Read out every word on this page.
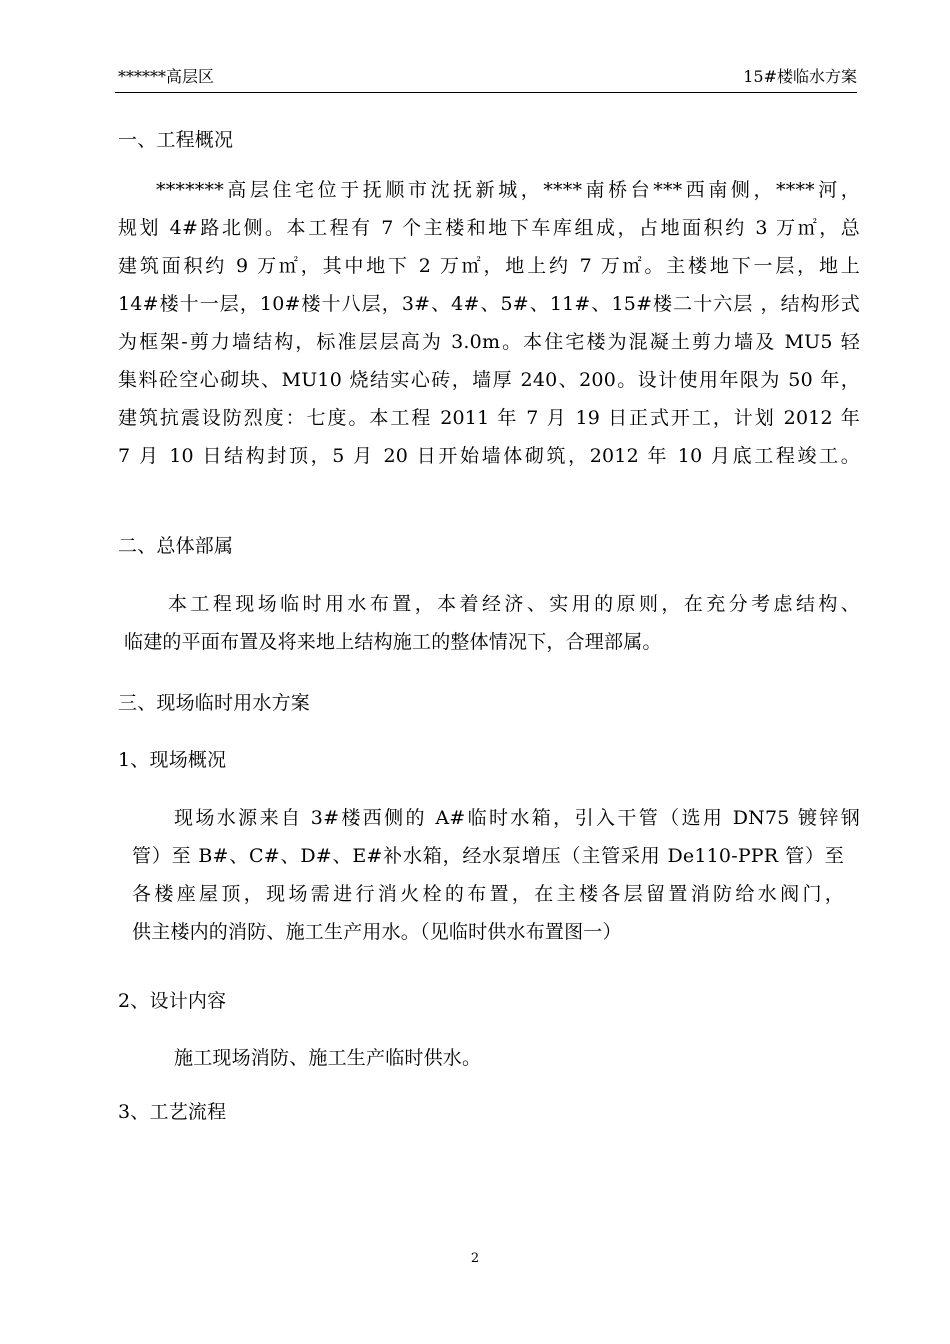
******高层区	15#楼临水方案
一、工程概况
*******高层住宅位于抚顺市沈抚新城，****南桥台***西南侧，****河，
规划 4#路北侧。本工程有 7 个主楼和地下车库组成，占地面积约 3 万㎡，总
建筑面积约 9 万㎡，其中地下 2 万㎡，地上约 7 万㎡。主楼地下一层，地上
14#楼十一层，10#楼十八层，3#、4#、5#、11#、15#楼二十六层 ，结构形式
为框架-剪力墙结构，标准层层高为 3.0m。本住宅楼为混凝土剪力墙及 MU5 轻
集料砼空心砌块、MU10 烧结实心砖，墙厚 240、200。设计使用年限为 50 年，
建筑抗震设防烈度：七度。本工程 2011 年 7 月 19 日正式开工，计划 2012 年
7 月 10 日结构封顶，5 月 20 日开始墙体砌筑，2012 年 10 月底工程竣工。
二、总体部属
本工程现场临时用水布置，本着经济、实用的原则，在充分考虑结构、
临建的平面布置及将来地上结构施工的整体情况下，合理部属。
三、现场临时用水方案
1、现场概况
现场水源来自 3#楼西侧的 A#临时水箱，引入干管（选用 DN75 镀锌钢
管）至 B#、C#、D#、E#补水箱，经水泵增压（主管采用 De110-PPR 管）至
各楼座屋顶，现场需进行消火栓的布置，在主楼各层留置消防给水阀门，
供主楼内的消防、施工生产用水。（见临时供水布置图一）
2、设计内容
施工现场消防、施工生产临时供水。
3、工艺流程
2
